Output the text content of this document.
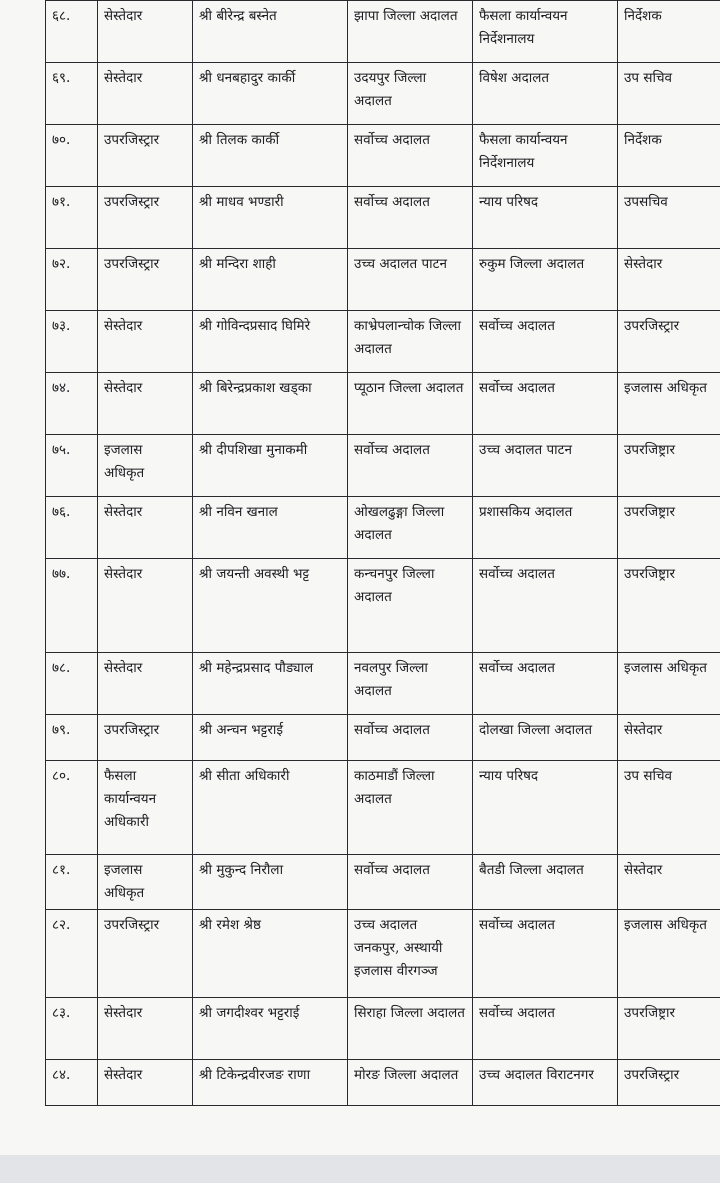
६८.	सेस्तेदार	श्री बीरेन्द्र बस्नेत	झापा जिल्ला अदालत	फैसला कार्यान्वयन निर्देशनालय	निर्देशक
६९.	सेस्तेदार	श्री धनबहादुर कार्की	उदयपुर जिल्ला अदालत	विषेश अदालत	उप सचिव
७०.	उपरजिस्ट्रार	श्री तिलक कार्की	सर्वोच्च अदालत	फैसला कार्यान्वयन निर्देशनालय	निर्देशक
७१.	उपरजिस्ट्रार	श्री माधव भण्डारी	सर्वोच्च अदालत	न्याय परिषद	उपसचिव
७२.	उपरजिस्ट्रार	श्री मन्दिरा शाही	उच्च अदालत पाटन	रुकुम जिल्ला अदालत	सेस्तेदार
७३.	सेस्तेदार	श्री गोविन्दप्रसाद घिमिरे	काभ्रेपलान्चोक जिल्ला अदालत	सर्वोच्च अदालत	उपरजिस्ट्रार
७४.	सेस्तेदार	श्री बिरेन्द्रप्रकाश खड्का	प्यूठान जिल्ला अदालत	सर्वोच्च अदालत	इजलास अधिकृत
७५.	इजलास अधिकृत	श्री दीपशिखा मुनाकमी	सर्वोच्च अदालत	उच्च अदालत पाटन	उपरजिष्ट्रार
७६.	सेस्तेदार	श्री नविन खनाल	ओखलढुङ्गा जिल्ला अदालत	प्रशासकिय अदालत	उपरजिष्ट्रार
७७.	सेस्तेदार	श्री जयन्ती अवस्थी भट्ट	कन्चनपुर जिल्ला अदालत	सर्वोच्च अदालत	उपरजिष्ट्रार
७८.	सेस्तेदार	श्री महेन्द्रप्रसाद पौड्याल	नवलपुर जिल्ला अदालत	सर्वोच्च अदालत	इजलास अधिकृत
७९.	उपरजिस्ट्रार	श्री अन्चन भट्टराई	सर्वोच्च अदालत	दोलखा जिल्ला अदालत	सेस्तेदार
८०.	फैसला कार्यान्वयन अधिकारी	श्री सीता अधिकारी	काठमाडौं जिल्ला अदालत	न्याय परिषद	उप सचिव
८१.	इजलास अधिकृत	श्री मुकुन्द निरौला	सर्वोच्च अदालत	बैतडी जिल्ला अदालत	सेस्तेदार
८२.	उपरजिस्ट्रार	श्री रमेश श्रेष्ठ	उच्च अदालत जनकपुर, अस्थायी इजलास वीरगञ्ज	सर्वोच्च अदालत	इजलास अधिकृत
८३.	सेस्तेदार	श्री जगदीश्वर भट्टराई	सिराहा जिल्ला अदालत	सर्वोच्च अदालत	उपरजिष्ट्रार
८४.	सेस्तेदार	श्री टिकेन्द्रवीरजङ राणा	मोरङ जिल्ला अदालत	उच्च अदालत विराटनगर	उपरजिस्ट्रार
